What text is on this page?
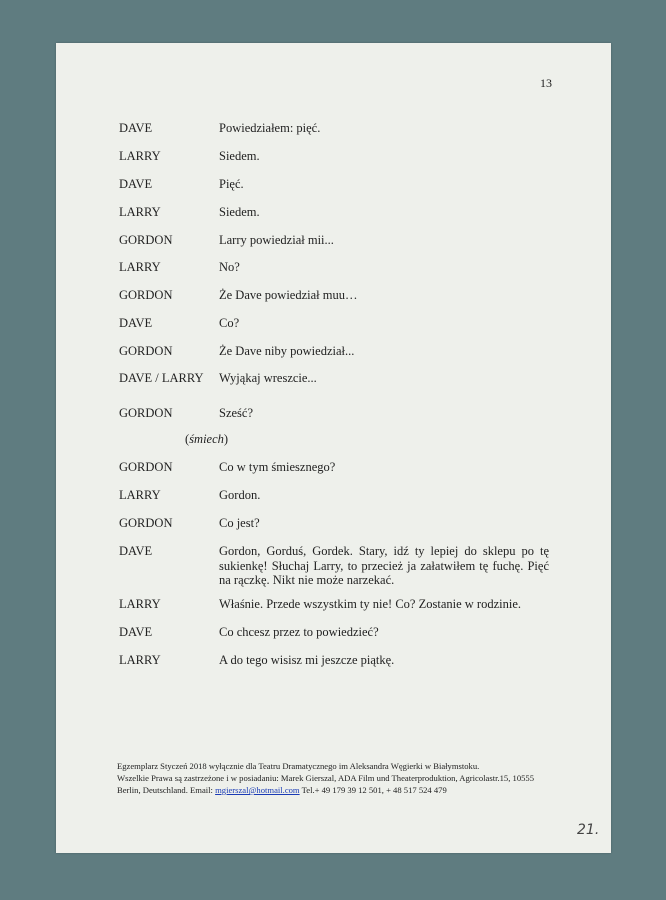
13
DAVE	Powiedziałem: pięć.
LARRY	Siedem.
DAVE	Pięć.
LARRY	Siedem.
GORDON	Larry powiedział mii...
LARRY	No?
GORDON	Że Dave powiedział muu…
DAVE	Co?
GORDON	Że Dave niby powiedział...
DAVE / LARRY Wyjąkaj wreszcie...
GORDON	Sześć?
(śmiech)
GORDON	Co w tym śmiesznego?
LARRY	Gordon.
GORDON	Co jest?
DAVE	Gordon, Gorduś, Gordek. Stary, idź ty lepiej do sklepu po tę sukienkę! Słuchaj Larry, to przecież ja załatwiłem tę fuchę. Pięć na rączkę. Nikt nie może narzekać.
LARRY	Właśnie. Przede wszystkim ty nie! Co? Zostanie w rodzinie.
DAVE	Co chcesz przez to powiedzieć?
LARRY	A do tego wisisz mi jeszcze piątkę.
Egzemplarz Styczeń 2018 wyłącznie dla Teatru Dramatycznego im Aleksandra Węgierki w Białymstoku.
Wszelkie Prawa są zastrzeżone i w posiadaniu: Marek Gierszal, ADA Film und Theaterproduktion, Agricolastr.15, 10555
Berlin, Deutschland. Email: mgierszal@hotmail.com Tel.+ 49 179 39 12 501, + 48 517 524 479
21.
